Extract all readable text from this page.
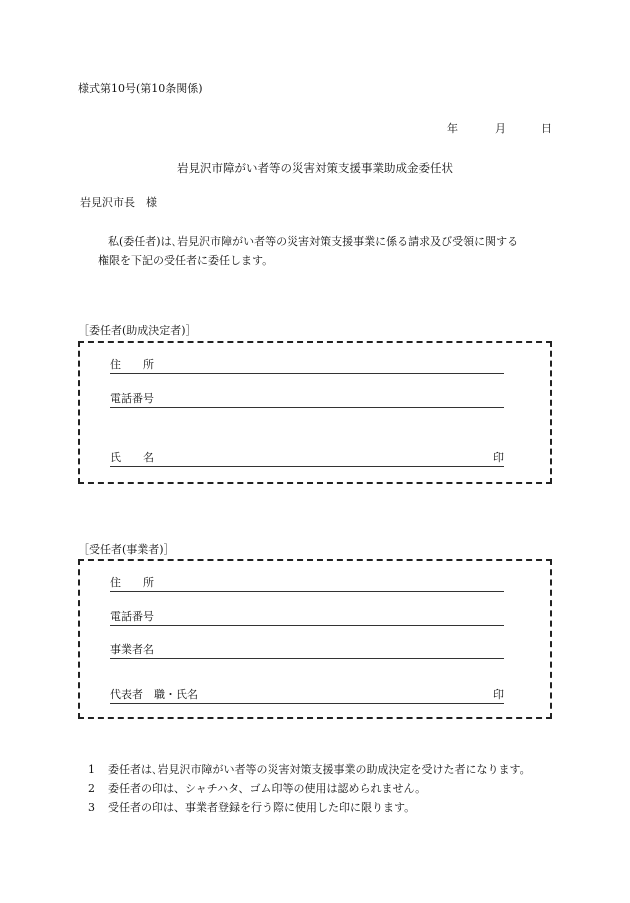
様式第10号(第10条関係)
年	月	日
岩見沢市障がい者等の災害対策支援事業助成金委任状
岩見沢市長　様
私(委任者)は､岩見沢市障がい者等の災害対策支援事業に係る請求及び受領に関する
権限を下記の受任者に委任します。
［委任者(助成決定者)］
住　　所
電話番号
氏　　名	印
［受任者(事業者)］
住　　所
電話番号
事業者名
代表者　職・氏名	印
1 委任者は､岩見沢市障がい者等の災害対策支援事業の助成決定を受けた者になります。
2 委任者の印は、シャチハタ、ゴム印等の使用は認められません。
3 受任者の印は、事業者登録を行う際に使用した印に限ります。
